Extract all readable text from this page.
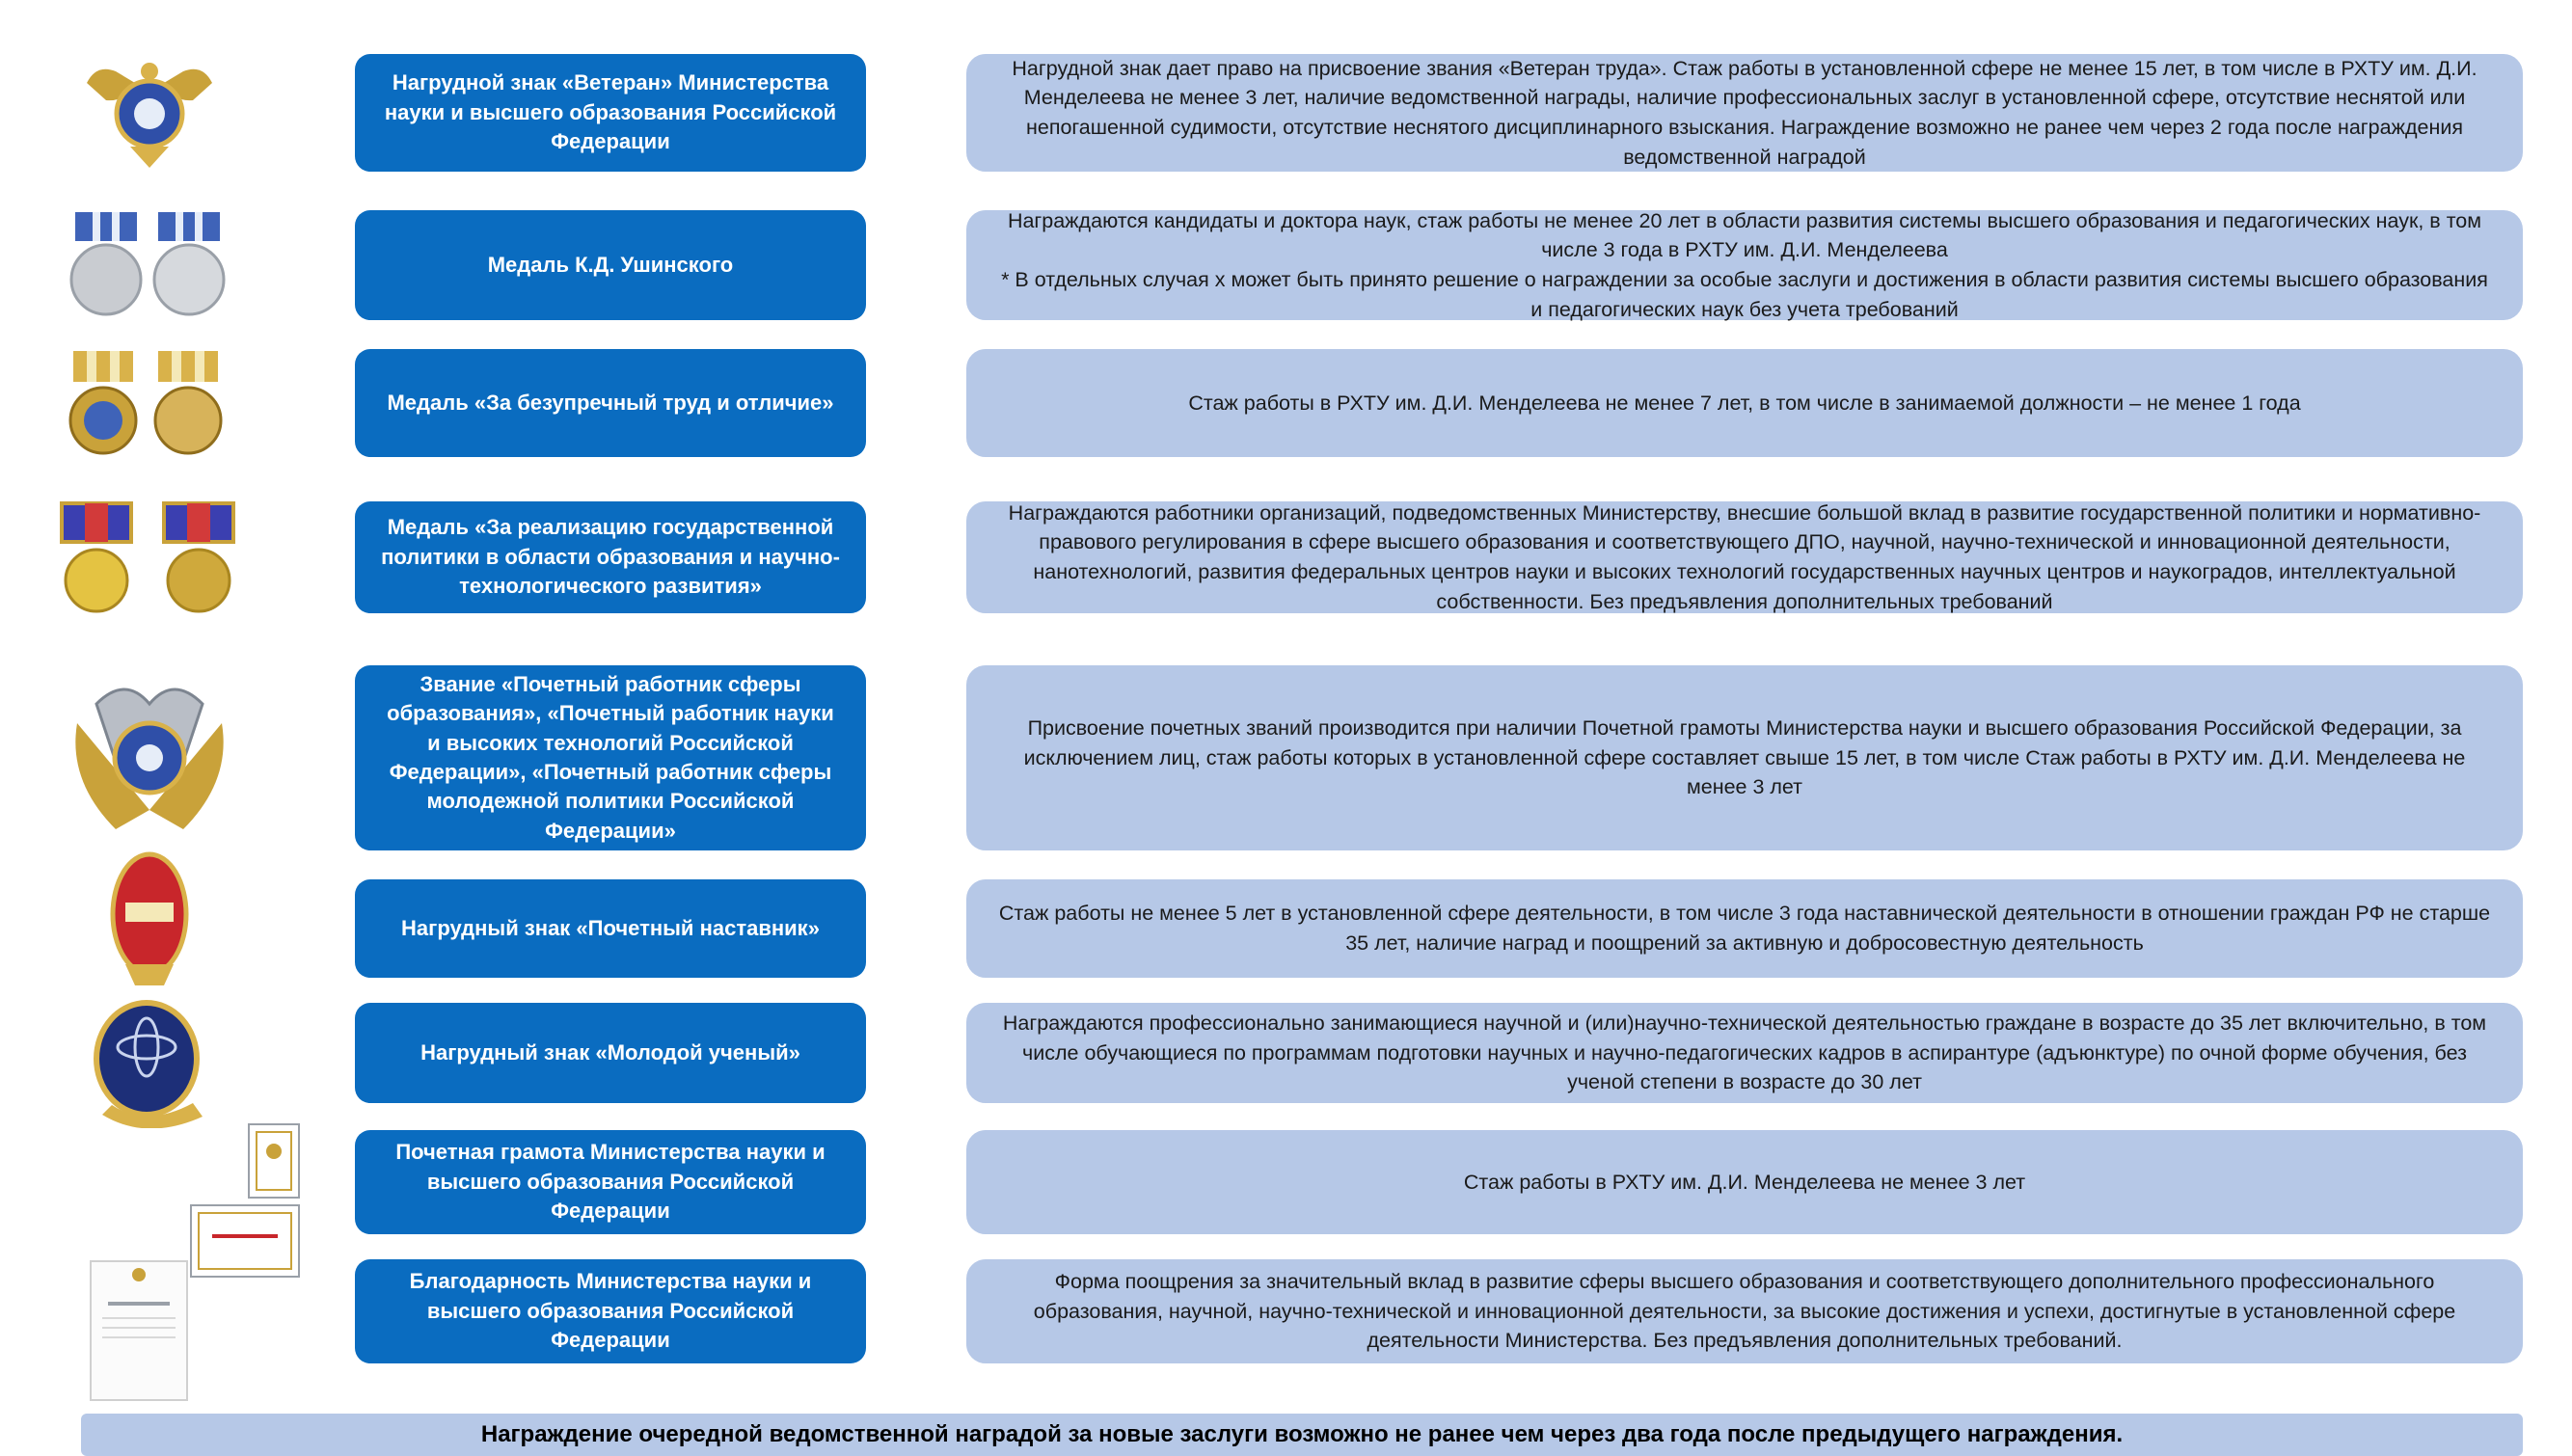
Нагрудной знак «Ветеран» Министерства науки и высшего образования Российской Федерации
Нагрудной знак дает право на присвоение звания «Ветеран труда». Стаж работы в установленной сфере не менее 15 лет, в том числе в РХТУ им. Д.И. Менделеева не менее 3 лет, наличие ведомственной награды, наличие профессиональных заслуг в установленной сфере, отсутствие неснятой или непогашенной судимости, отсутствие неснятого дисциплинарного взыскания. Награждение возможно не ранее чем через 2 года после награждения ведомственной наградой
Медаль К.Д. Ушинского
Награждаются кандидаты и доктора наук, стаж работы не менее 20 лет в области развития системы высшего образования и педагогических наук, в том числе 3 года в РХТУ им. Д.И. Менделеева
* В отдельных случая х может быть принято решение о награждении за особые заслуги и достижения в области развития системы высшего образования и педагогических наук без учета требований
Медаль «За безупречный труд и отличие»	Стаж работы в РХТУ им. Д.И. Менделеева не менее 7 лет, в том числе в занимаемой должности – не менее 1 года
Медаль «За реализацию государственной политики в области образования и научно-технологического развития»
Награждаются работники организаций, подведомственных Министерству, внесшие большой вклад в развитие государственной политики и нормативно-правового регулирования в сфере высшего образования и соответствующего ДПО, научной, научно-технической и инновационной деятельности, нанотехнологий, развития федеральных центров науки и высоких технологий государственных научных центров и наукоградов, интеллектуальной собственности. Без предъявления дополнительных требований
Звание «Почетный работник сферы образования», «Почетный работник науки и высоких технологий Российской Федерации», «Почетный работник сферы молодежной политики Российской Федерации»
Присвоение почетных званий производится при наличии Почетной грамоты Министерства науки и высшего образования Российской Федерации, за исключением лиц, стаж работы которых в установленной сфере составляет свыше 15 лет, в том числе Стаж работы в РХТУ им. Д.И. Менделеева не менее 3 лет
Нагрудный знак «Почетный наставник»
Стаж работы не менее 5 лет в установленной сфере деятельности, в том числе 3 года наставнической деятельности в отношении граждан РФ не старше 35 лет, наличие наград и поощрений за активную и добросовестную деятельность
Нагрудный знак «Молодой ученый»
Награждаются профессионально занимающиеся научной и (или)научно-технической деятельностью граждане в возрасте до 35 лет включительно, в том числе обучающиеся по программам подготовки научных и научно-педагогических кадров в аспирантуре (адъюнктуре) по очной форме обучения, без ученой степени в возрасте до 30 лет
Почетная грамота Министерства науки и высшего образования Российской Федерации
Стаж работы в РХТУ им. Д.И. Менделеева не менее 3 лет
Благодарность Министерства науки и высшего образования Российской Федерации
Форма поощрения за значительный вклад в развитие сферы высшего образования и соответствующего дополнительного профессионального образования, научной, научно-технической и инновационной деятельности, за высокие достижения и успехи, достигнутые в установленной сфере деятельности Министерства. Без предъявления дополнительных требований.
Награждение очередной ведомственной наградой за новые заслуги возможно не ранее чем через два года после предыдущего награждения.
